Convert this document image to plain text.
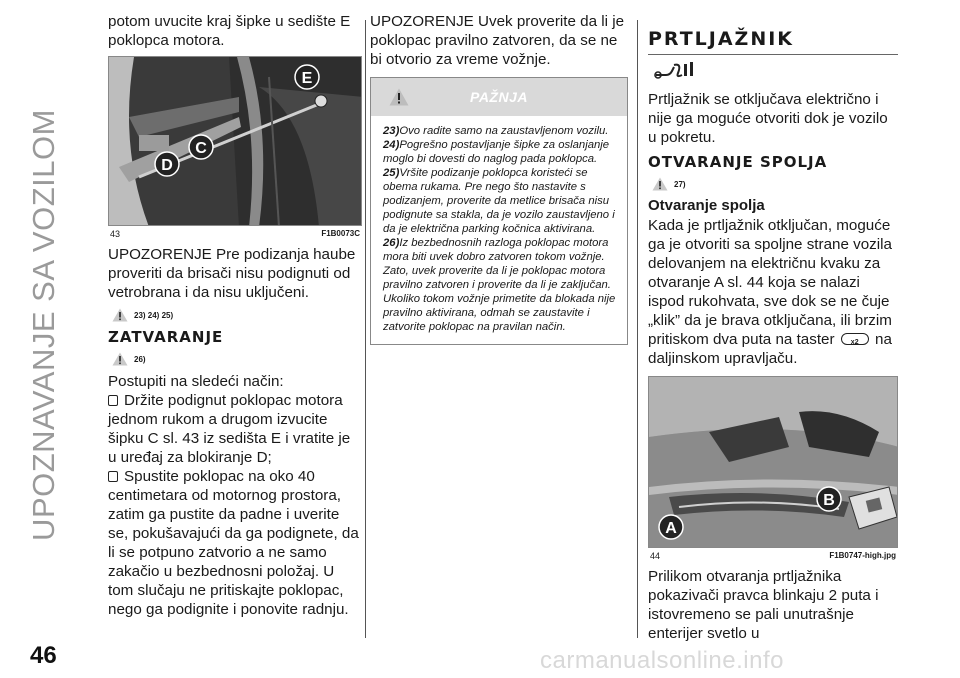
UPOZNAVANJE SA VOZILOM
46	carmanualsonline.info

potom uvucite kraj šipke u sedište E poklopca motora.

E
C
D
43	F1B0073C

UPOZORENJE Pre podizanja haube proveriti da brisači nisu podignuti od vetrobrana i da nisu uključeni.

23) 24) 25)
ZATVARANJE
26)

Postupiti na sledeći način:

Držite podignut poklopac motora jednom rukom a drugom izvucite šipku C sl. 43 iz sedišta E i vratite je u uređaj za blokiranje D;

Spustite poklopac na oko 40 centimetara od motornog prostora, zatim ga pustite da padne i uverite se, pokušavajući da ga podignete, da li se potpuno zatvorio a ne samo zakačio u bezbednosni položaj. U tom slučaju ne pritiskajte poklopac, nego ga podignite i ponovite radnju.

UPOZORENJE Uvek proverite da li je poklopac pravilno zatvoren, da se ne bi otvorio za vreme vožnje.

PAŽNJA

23)Ovo radite samo na zaustavljenom vozilu.

24)Pogrešno postavljanje šipke za oslanjanje moglo bi dovesti do naglog pada poklopca.

25)Vršite podizanje poklopca koristeći se obema rukama. Pre nego što nastavite s podizanjem, proverite da metlice brisača nisu podignute sa stakla, da je vozilo zaustavljeno i da je električna parking kočnica aktivirana.

26)Iz bezbednosnih razloga poklopac motora mora biti uvek dobro zatvoren tokom vožnje. Zato, uvek proverite da li je poklopac motora pravilno zatvoren i proverite da li je zaključan. Ukoliko tokom vožnje primetite da blokada nije pravilno aktivirana, odmah se zaustavite i zatvorite poklopac na pravilan način.

PRTLJAŽNIK

Prtljažnik se otključava električno i nije ga moguće otvoriti dok je vozilo u pokretu.

OTVARANJE SPOLJA
27)
Otvaranje spolja

Kada je prtljažnik otključan, moguće ga je otvoriti sa spoljne strane vozila delovanjem na električnu kvaku za otvaranje A sl. 44 koja se nalazi ispod rukohvata, sve dok se ne čuje „klik” da je brava otključana, ili brzim pritiskom dva puta na taster x2 na daljinskom upravljaču.

A
B
44	F1B0747-high.jpg

Prilikom otvaranja prtljažnika pokazivači pravca blinkaju 2 puta i istovremeno se pali unutrašnje enterijer svetlo u
